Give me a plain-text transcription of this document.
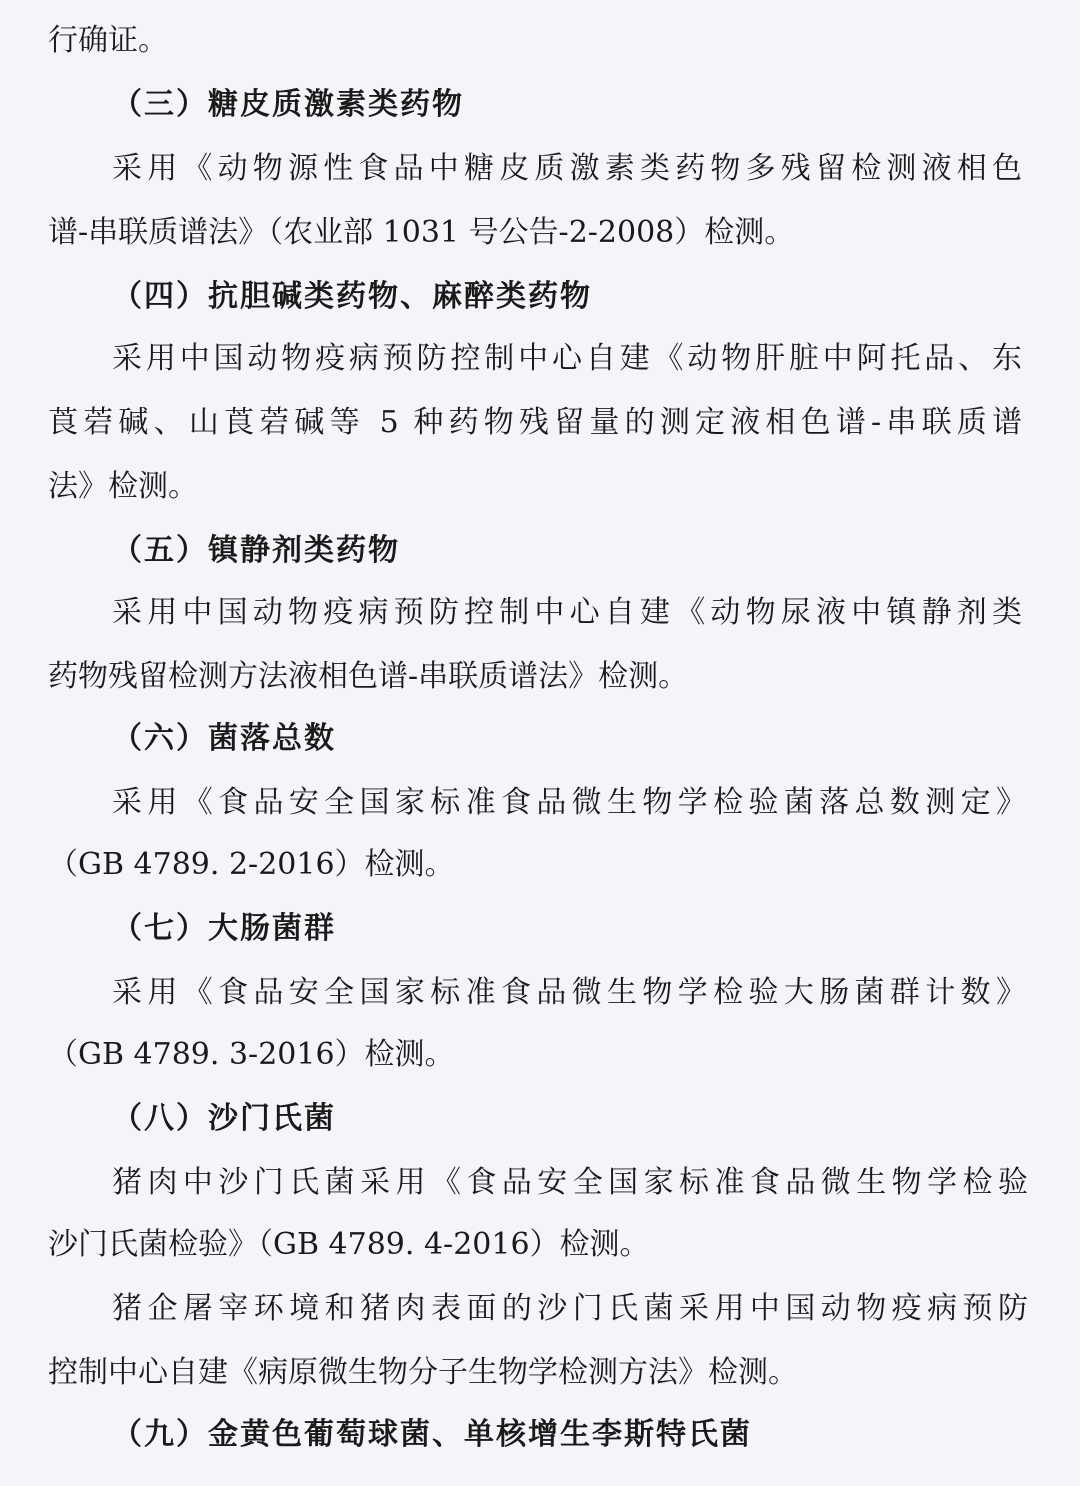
行确证。
（三）糖皮质激素类药物
采用《动物源性食品中糖皮质激素类药物多残留检测液相色
谱-串联质谱法》（农业部 1031 号公告-2-2008）检测。
（四）抗胆碱类药物、麻醉类药物
采用中国动物疫病预防控制中心自建《动物肝脏中阿托品、东
莨菪碱、山莨菪碱等 5 种药物残留量的测定液相色谱-串联质谱
法》检测。
（五）镇静剂类药物
采用中国动物疫病预防控制中心自建《动物尿液中镇静剂类
药物残留检测方法液相色谱-串联质谱法》检测。
（六）菌落总数
采用《食品安全国家标准食品微生物学检验菌落总数测定》
（GB 4789. 2-2016）检测。
（七）大肠菌群
采用《食品安全国家标准食品微生物学检验大肠菌群计数》
（GB 4789. 3-2016）检测。
（八）沙门氏菌
猪肉中沙门氏菌采用《食品安全国家标准食品微生物学检验
沙门氏菌检验》（GB 4789. 4-2016）检测。
猪企屠宰环境和猪肉表面的沙门氏菌采用中国动物疫病预防
控制中心自建《病原微生物分子生物学检测方法》检测。
（九）金黄色葡萄球菌、单核增生李斯特氏菌
